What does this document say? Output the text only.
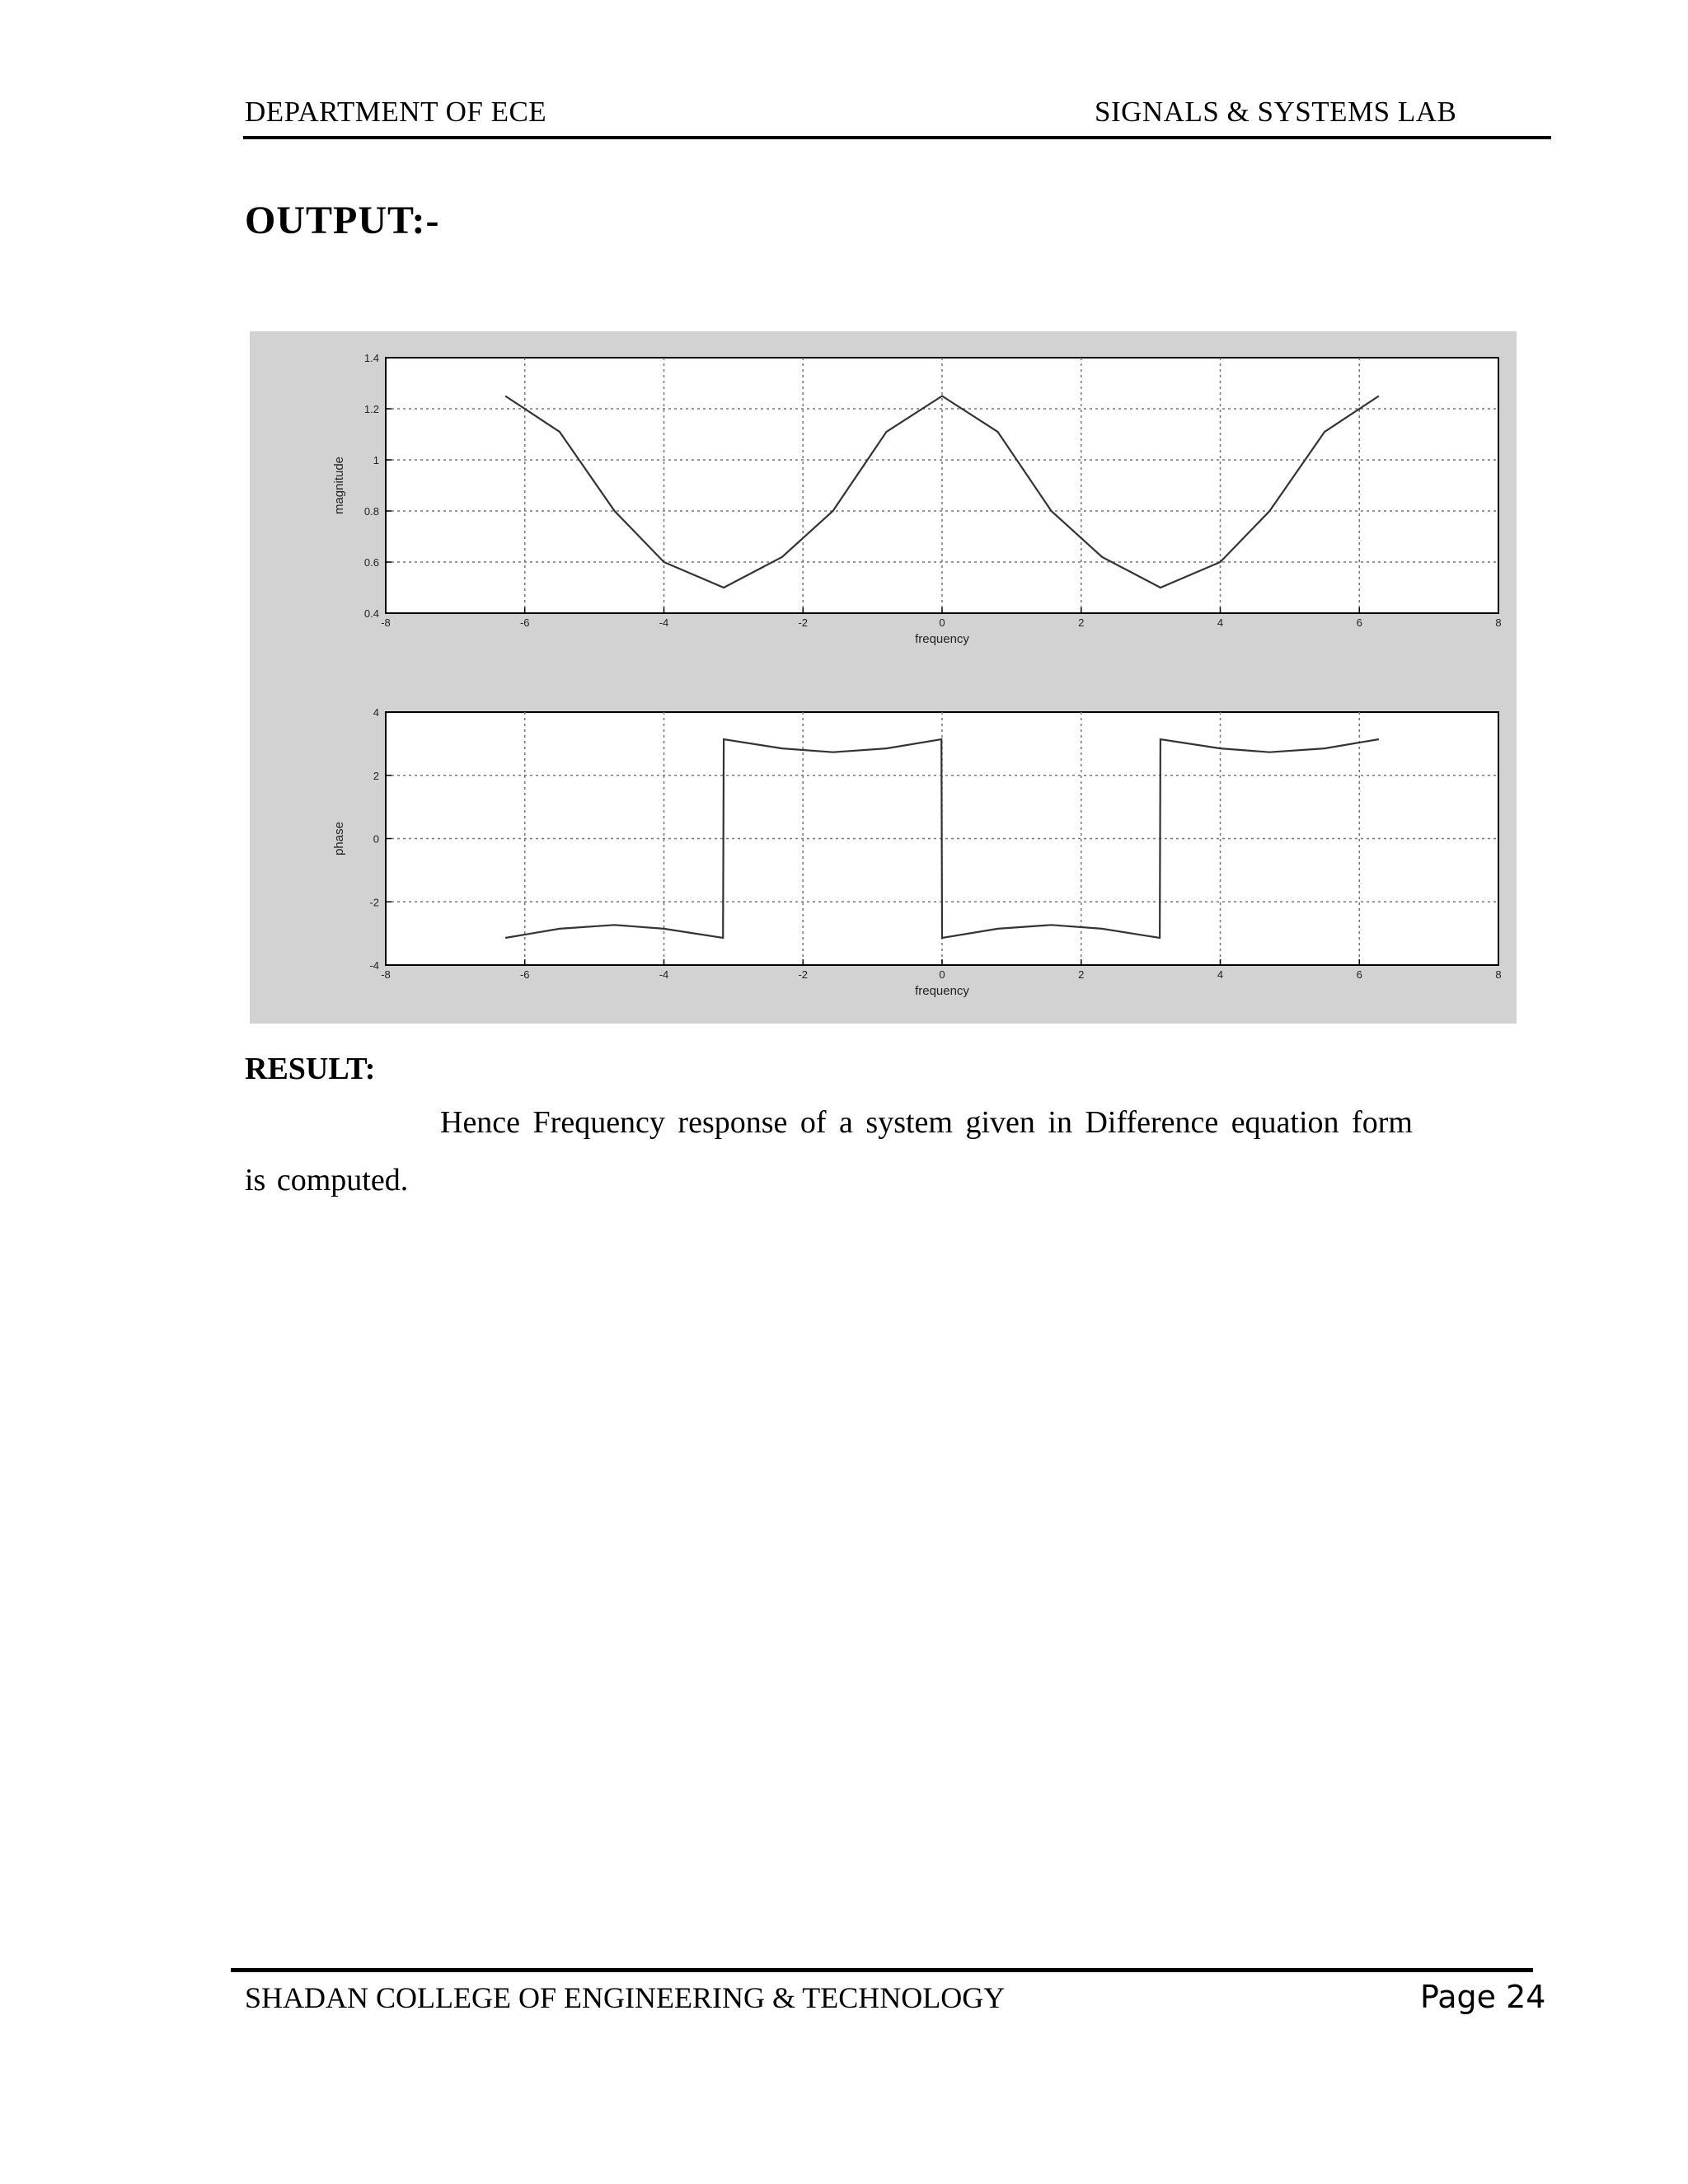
DEPARTMENT OF ECE	SIGNALS & SYSTEMS LAB
OUTPUT:-
-8	-6	-4	-2	0	2	4	6	8
0.4
0.6
0.8
1
1.2
1.4
frequency
magnitude
-8	-6	-4	-2	0	2	4	6	8
-4
-2
0
2
4
frequency
phase
RESULT:
Hence Frequency response of a system given in Difference equation form
is computed.
SHADAN COLLEGE OF ENGINEERING & TECHNOLOGY	Page 24
